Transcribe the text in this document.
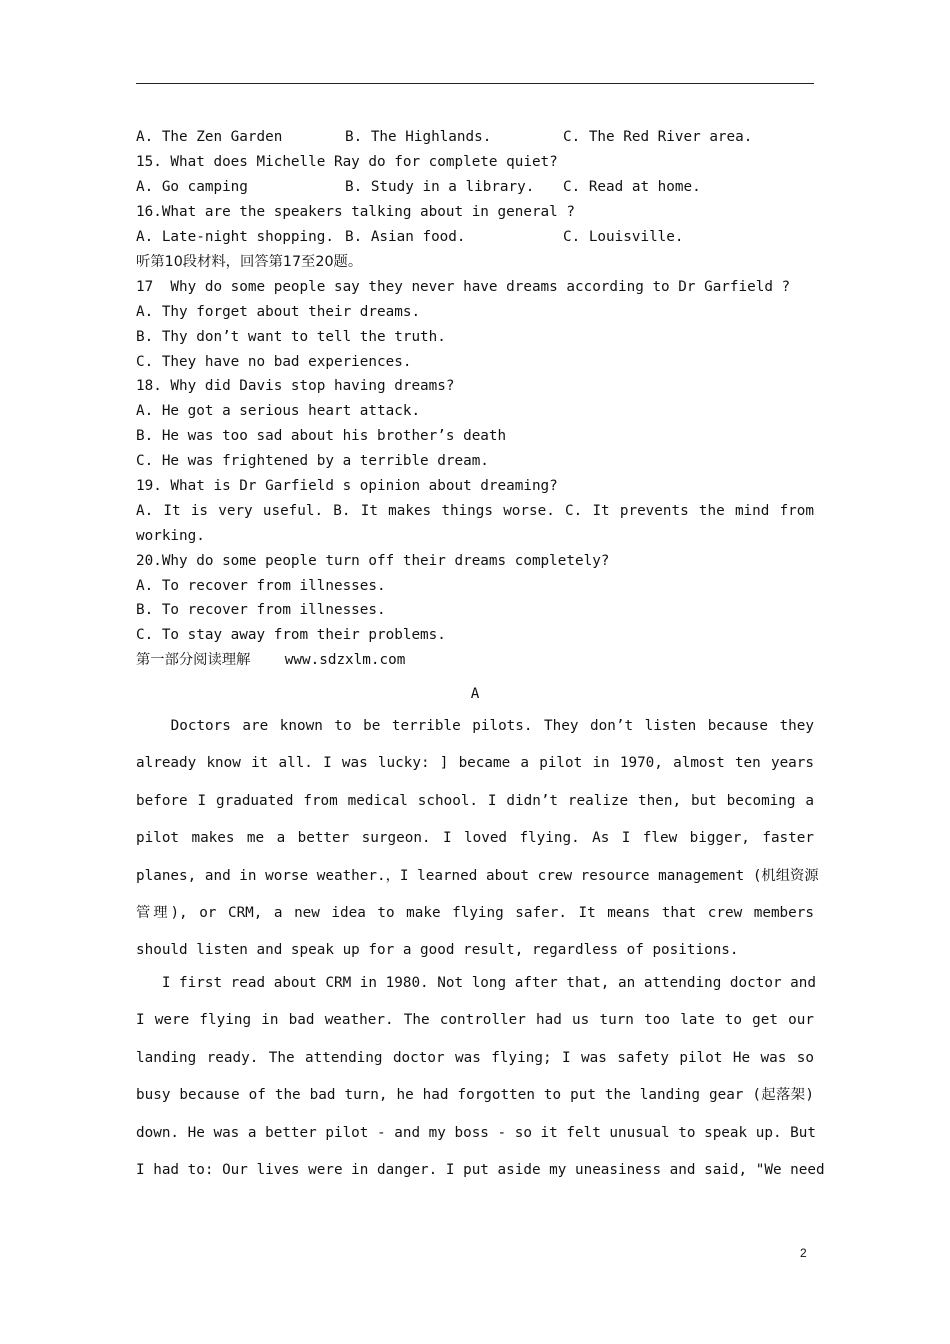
A. The Zen Garden	B. The Highlands.	C. The Red River area.
15. What does Michelle Ray do for complete quiet?
A. Go camping	B. Study in a library. C. Read at home.
16.What are the speakers talking about in general ?
A. Late-night shopping. B. Asian food.	C. Louisville.
听第10段材料，回答第17至20题。
17  Why do some people say they never have dreams according to Dr Garfield ?
A. Thy forget about their dreams.
B. Thy don’t want to tell the truth.
C. They have no bad experiences.
18. Why did Davis stop having dreams?
A. He got a serious heart attack.
B. He was too sad about his brother’s death
C. He was frightened by a terrible dream.
19. What is Dr Garfield s opinion about dreaming?
A. It is very useful. B. It makes things worse. C. It prevents the mind from
working.
20.Why do some people turn off their dreams completely?
A. To recover from illnesses.
B. To recover from illnesses.
C. To stay away from their problems.
第一部分阅读理解    www.sdzxlm.com
A
Doctors are known to be terrible pilots. They don’t listen because they
already know it all. I was lucky: ] became a pilot in 1970, almost ten years
before I graduated from medical school. I didn’t realize then, but becoming a
pilot makes me a better surgeon. I loved flying. As I flew bigger, faster
planes, and in worse weather.，I learned about crew resource management (机组资源
管理), or CRM, a new idea to make flying safer. It means that crew members
should listen and speak up for a good result, regardless of positions.
I first read about CRM in 1980. Not long after that, an attending doctor and
I were flying in bad weather. The controller had us turn too late to get our
landing ready. The attending doctor was flying; I was safety pilot He was so
busy because of the bad turn, he had forgotten to put the landing gear (起落架)
down. He was a better pilot - and my boss - so it felt unusual to speak up. But
I had to: Our lives were in danger. I put aside my uneasiness and said, "We need
2
